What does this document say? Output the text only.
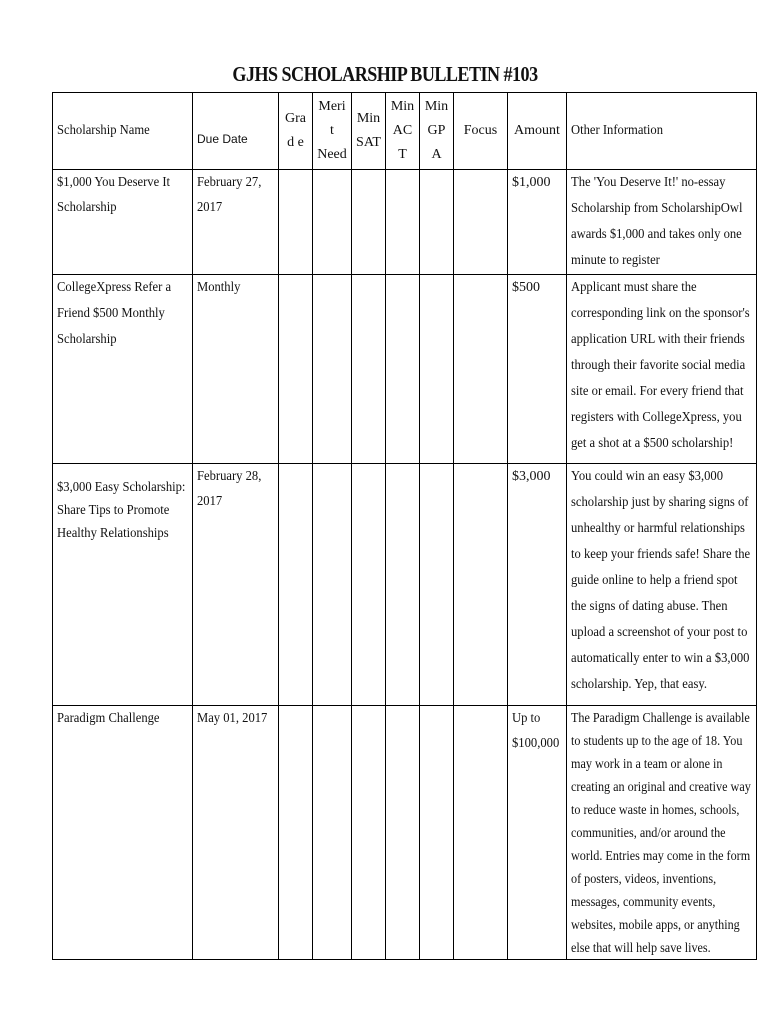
GJHS SCHOLARSHIP BULLETIN #103
Scholarship Name	Due Date	Grad e	Merit Need	Min SAT	Min ACT	Min GPA	Focus	Amount	Other Information
$1,000 You Deserve It Scholarship	February 27, 2017							$1,000	The 'You Deserve It!' no-essay Scholarship from ScholarshipOwl awards $1,000 and takes only one minute to register
CollegeXpress Refer a Friend $500 Monthly Scholarship	Monthly							$500	Applicant must share the corresponding link on the sponsor's application URL with their friends through their favorite social media site or email. For every friend that registers with CollegeXpress, you get a shot at a $500 scholarship!
$3,000 Easy Scholarship: Share Tips to Promote Healthy Relationships	February 28, 2017							$3,000	You could win an easy $3,000 scholarship just by sharing signs of unhealthy or harmful relationships to keep your friends safe! Share the guide online to help a friend spot the signs of dating abuse. Then upload a screenshot of your post to automatically enter to win a $3,000 scholarship. Yep, that easy.
Paradigm Challenge	May 01, 2017							Up to $100,000	The Paradigm Challenge is available to students up to the age of 18. You may work in a team or alone in creating an original and creative way to reduce waste in homes, schools, communities, and/or around the world. Entries may come in the form of posters, videos, inventions, messages, community events, websites, mobile apps, or anything else that will help save lives.
